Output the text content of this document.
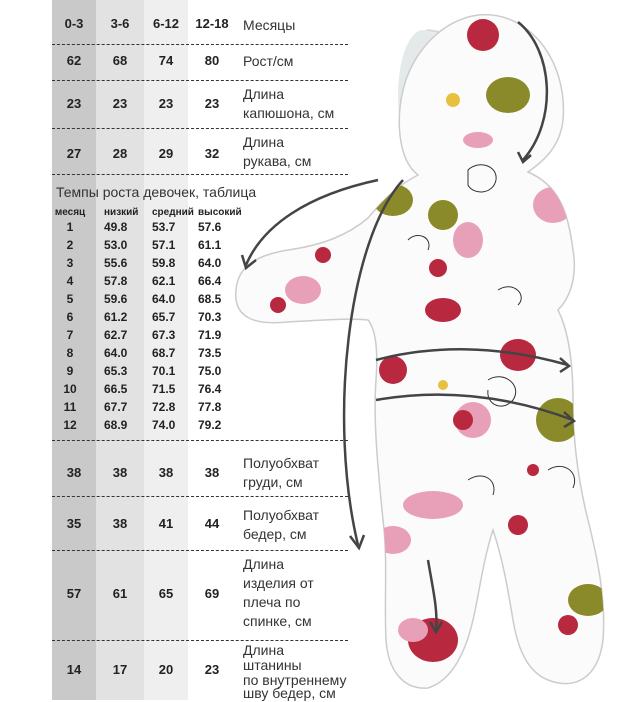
0-3	3-6	6-12	12-18	Месяцы
62	68	74	80	Рост/см
23	23	23	23
Длина
капюшона, см
27	28	29	32
Длина
рукава, см
Темпы роста девочек, таблица
месяц низкий средний высокий
1	49.8	53.7	57.6
2	53.0	57.1	61.1
3	55.6	59.8	64.0
4	57.8	62.1	66.4
5	59.6	64.0	68.5
6	61.2	65.7	70.3
7	62.7	67.3	71.9
8	64.0	68.7	73.5
9	65.3	70.1	75.0
10	66.5	71.5	76.4
11	67.7	72.8	77.8
12	68.9	74.0	79.2
38	38	38	38
Полуобхват
груди, см
35	38	41	44
Полуобхват
бедер, см
57	61	65	69
Длина
изделия от
плеча по
спинке, см
14	17	20	23
Длина
штанины
по внутреннему
шву бедер, см
